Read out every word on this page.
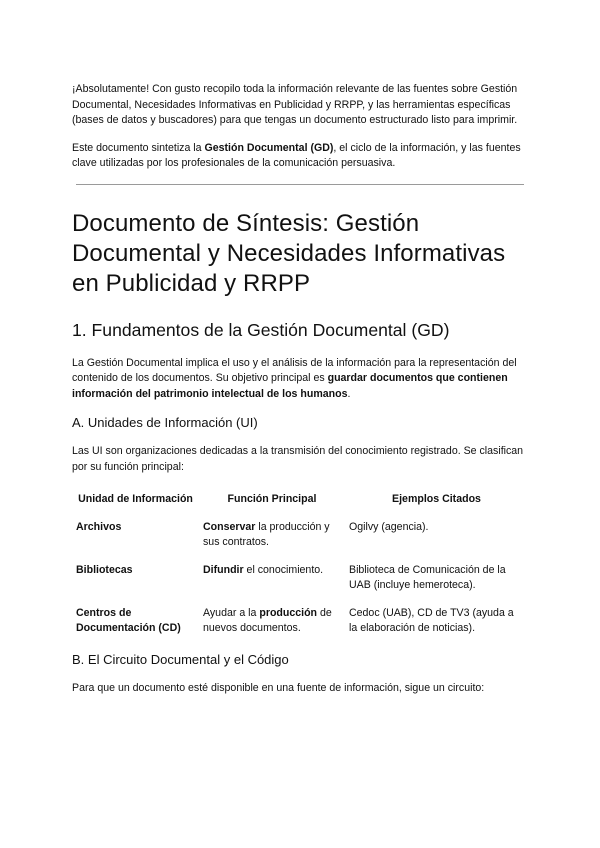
¡Absolutamente! Con gusto recopilo toda la información relevante de las fuentes sobre Gestión Documental, Necesidades Informativas en Publicidad y RRPP, y las herramientas específicas (bases de datos y buscadores) para que tengas un documento estructurado listo para imprimir.

Este documento sintetiza la Gestión Documental (GD), el ciclo de la información, y las fuentes clave utilizadas por los profesionales de la comunicación persuasiva.

Documento de Síntesis: Gestión Documental y Necesidades Informativas en Publicidad y RRPP
1. Fundamentos de la Gestión Documental (GD)

La Gestión Documental implica el uso y el análisis de la información para la representación del contenido de los documentos. Su objetivo principal es guardar documentos que contienen información del patrimonio intelectual de los humanos.

A. Unidades de Información (UI)

Las UI son organizaciones dedicadas a la transmisión del conocimiento registrado. Se clasifican por su función principal:

Unidad de Información	Función Principal	Ejemplos Citados
Archivos	Conservar la producción y sus contratos.	Ogilvy (agencia).
Bibliotecas	Difundir el conocimiento.	Biblioteca de Comunicación de la UAB (incluye hemeroteca).
Centros de Documentación (CD)	Ayudar a la producción de nuevos documentos.	Cedoc (UAB), CD de TV3 (ayuda a la elaboración de noticias).
B. El Circuito Documental y el Código

Para que un documento esté disponible en una fuente de información, sigue un circuito:
